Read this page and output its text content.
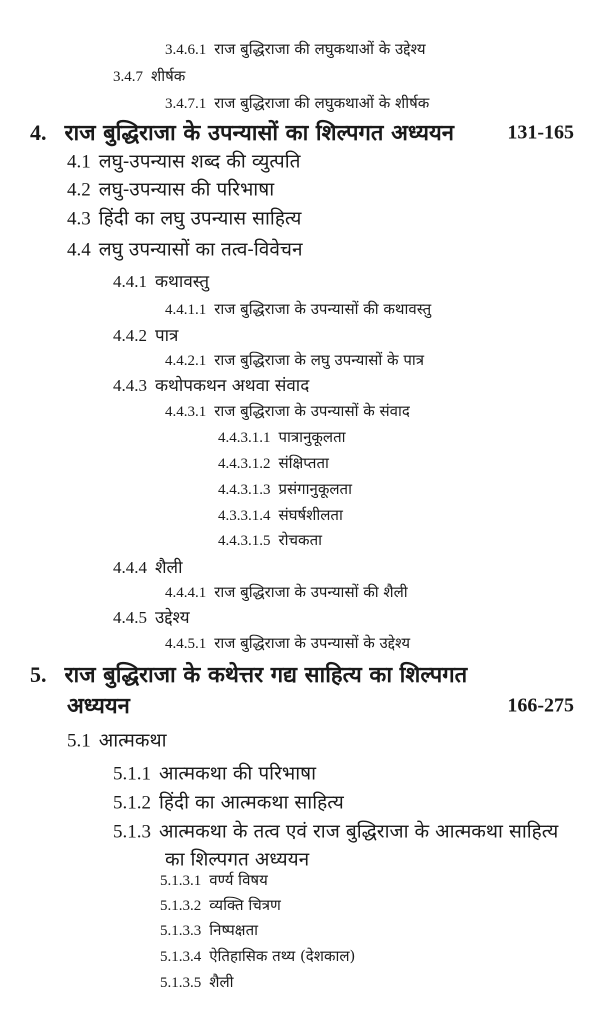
3.4.6.1 राज बुद्धिराजा की लघुकथाओं के उद्देश्य
3.4.7 शीर्षक
3.4.7.1 राज बुद्धिराजा की लघुकथाओं के शीर्षक
4. राज बुद्धिराजा के उपन्यासों का शिल्पगत अध्ययन	131-165
4.1 लघु-उपन्यास शब्द की व्युत्पति
4.2 लघु-उपन्यास की परिभाषा
4.3 हिंदी का लघु उपन्यास साहित्य
4.4 लघु उपन्यासों का तत्व-विवेचन
4.4.1 कथावस्तु
4.4.1.1 राज बुद्धिराजा के उपन्यासों की कथावस्तु
4.4.2 पात्र
4.4.2.1 राज बुद्धिराजा के लघु उपन्यासों के पात्र
4.4.3 कथोपकथन अथवा संवाद
4.4.3.1 राज बुद्धिराजा के उपन्यासों के संवाद
4.4.3.1.1 पात्रानुकूलता
4.4.3.1.2 संक्षिप्तता
4.4.3.1.3 प्रसंगानुकूलता
4.3.3.1.4 संघर्षशीलता
4.4.3.1.5 रोचकता
4.4.4 शैली
4.4.4.1 राज बुद्धिराजा के उपन्यासों की शैली
4.4.5 उद्देश्य
4.4.5.1 राज बुद्धिराजा के उपन्यासों के उद्देश्य
5. राज बुद्धिराजा के कथेत्तर गद्य साहित्य का शिल्पगत
अध्ययन	166-275
5.1 आत्मकथा
5.1.1 आत्मकथा की परिभाषा
5.1.2 हिंदी का आत्मकथा साहित्य
5.1.3 आत्मकथा के तत्व एवं राज बुद्धिराजा के आत्मकथा साहित्य
का शिल्पगत अध्ययन
5.1.3.1 वर्ण्य विषय
5.1.3.2 व्यक्ति चित्रण
5.1.3.3 निष्पक्षता
5.1.3.4 ऐतिहासिक तथ्य (देशकाल)
5.1.3.5 शैली
